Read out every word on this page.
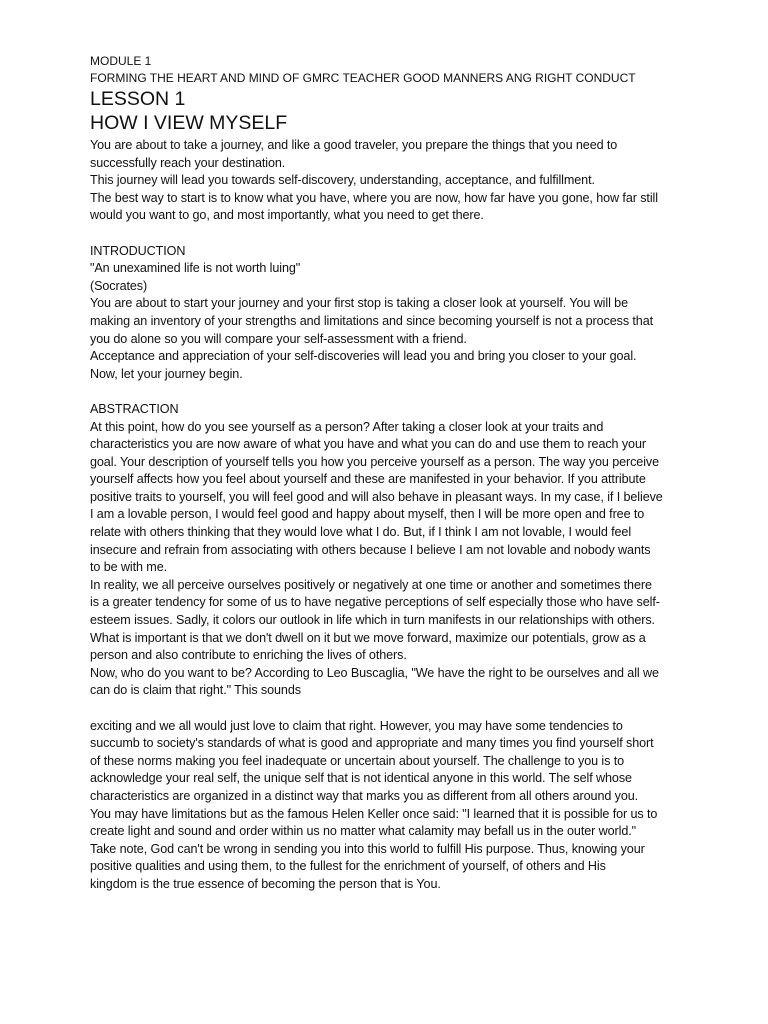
MODULE 1
FORMING THE HEART AND MIND OF GMRC TEACHER GOOD MANNERS ANG RIGHT CONDUCT
LESSON 1
HOW I VIEW MYSELF
You are about to take a journey, and like a good traveler, you prepare the things that you need to
successfully reach your destination.
This journey will lead you towards self-discovery, understanding, acceptance, and fulfillment.
The best way to start is to know what you have, where you are now, how far have you gone, how far still
would you want to go, and most importantly, what you need to get there.
INTRODUCTION
"An unexamined life is not worth luing"
(Socrates)
You are about to start your journey and your first stop is taking a closer look at yourself. You will be
making an inventory of your strengths and limitations and since becoming yourself is not a process that
you do alone so you will compare your self-assessment with a friend.
Acceptance and appreciation of your self-discoveries will lead you and bring you closer to your goal.
Now, let your journey begin.
ABSTRACTION
At this point, how do you see yourself as a person? After taking a closer look at your traits and
characteristics you are now aware of what you have and what you can do and use them to reach your
goal. Your description of yourself tells you how you perceive yourself as a person. The way you perceive
yourself affects how you feel about yourself and these are manifested in your behavior. If you attribute
positive traits to yourself, you will feel good and will also behave in pleasant ways. In my case, if I believe
I am a lovable person, I would feel good and happy about myself, then I will be more open and free to
relate with others thinking that they would love what I do. But, if I think I am not lovable, I would feel
insecure and refrain from associating with others because I believe I am not lovable and nobody wants
to be with me.
In reality, we all perceive ourselves positively or negatively at one time or another and sometimes there
is a greater tendency for some of us to have negative perceptions of self especially those who have self-
esteem issues. Sadly, it colors our outlook in life which in turn manifests in our relationships with others.
What is important is that we don't dwell on it but we move forward, maximize our potentials, grow as a
person and also contribute to enriching the lives of others.
Now, who do you want to be? According to Leo Buscaglia, "We have the right to be ourselves and all we
can do is claim that right." This sounds
exciting and we all would just love to claim that right. However, you may have some tendencies to
succumb to society's standards of what is good and appropriate and many times you find yourself short
of these norms making you feel inadequate or uncertain about yourself. The challenge to you is to
acknowledge your real self, the unique self that is not identical anyone in this world. The self whose
characteristics are organized in a distinct way that marks you as different from all others around you.
You may have limitations but as the famous Helen Keller once said: "I learned that it is possible for us to
create light and sound and order within us no matter what calamity may befall us in the outer world."
Take note, God can't be wrong in sending you into this world to fulfill His purpose. Thus, knowing your
positive qualities and using them, to the fullest for the enrichment of yourself, of others and His
kingdom is the true essence of becoming the person that is You.
